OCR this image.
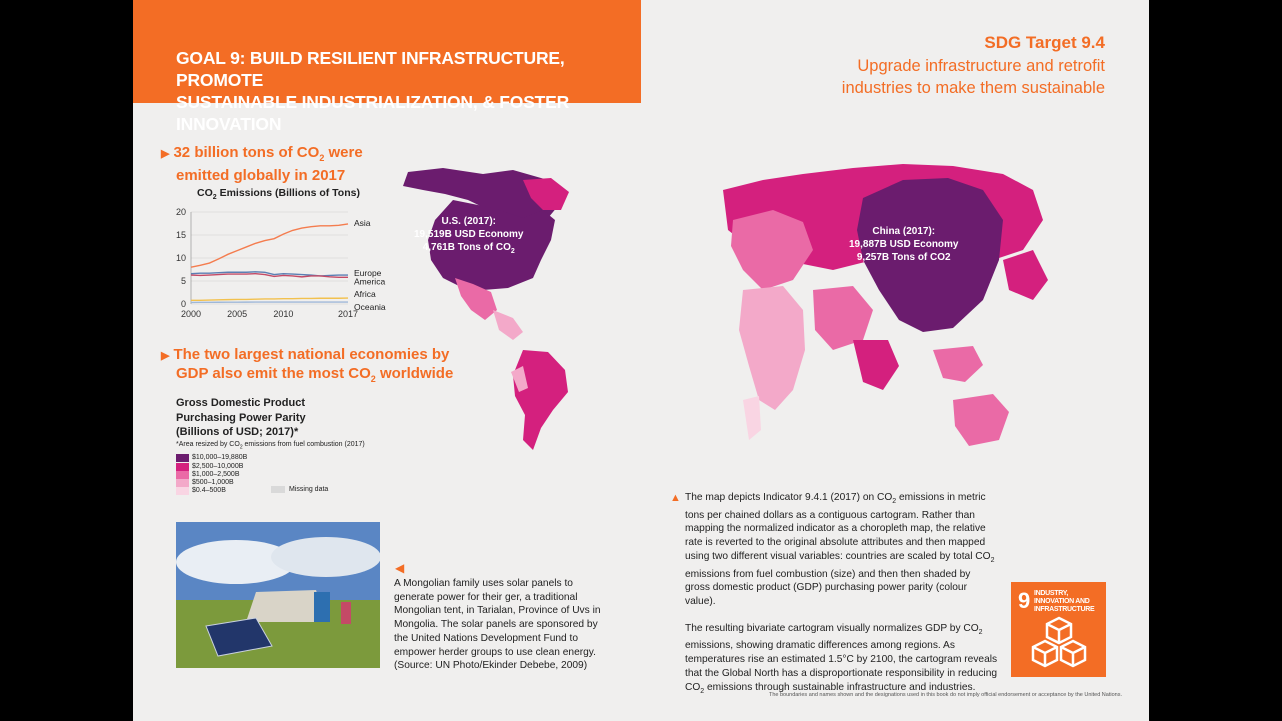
GOAL 9: BUILD RESILIENT INFRASTRUCTURE, PROMOTE
SUSTAINABLE INDUSTRIALIZATION, & FOSTER INNOVATION
SDG Target 9.4
Upgrade infrastructure and retrofit
industries to make them sustainable
▶ 32 billion tons of $CO_2$ were
emitted globally in 2017
$CO_2$ Emissions (Billions of Tons)
0
5
10
15
20
2000	2005	2010	2017
Asia
Europe
America
Africa
Oceania
▶ The two largest national economies by
GDP also emit the most $CO_2$ worldwide
Gross Domestic Product
Purchasing Power Parity
(Billions of USD; 2017)*
*Area resized by $CO_2$ emissions from fuel combustion (2017)
$10,000–19,880B
$2,500–10,000B
$1,000–2,500B
$500–1,000B
$0.4–500B	Missing data
U.S. (2017):
19,519B USD Economy
4,761B Tons of $CO_2$
China (2017):
19,887B USD Economy
9,257B Tons of CO2
◀
A Mongolian family uses solar panels to generate power for their ger, a traditional Mongolian tent, in Tarialan, Province of Uvs in Mongolia. The solar panels are sponsored by the United Nations Development Fund to empower herder groups to use clean energy. (Source: UN Photo/Ekinder Debebe, 2009)
▲ The map depicts Indicator 9.4.1 (2017) on $CO_2$ emissions in metric tons per chained dollars as a contiguous cartogram. Rather than mapping the normalized indicator as a choropleth map, the relative rate is reverted to the original absolute attributes and then mapped using two different visual variables: countries are scaled by total $CO_2$ emissions from fuel combustion (size) and then then shaded by gross domestic product (GDP) purchasing power parity (colour value).

The resulting bivariate cartogram visually normalizes GDP by $CO_2$ emissions, showing dramatic differences among regions. As temperatures rise an estimated 1.5°C by 2100, the cartogram reveals that the Global North has a disproportionate responsibility in reducing $CO_2$ emissions through sustainable infrastructure and industries.

9 INDUSTRY, INNOVATION AND INFRASTRUCTURE
The boundaries and names shown and the designations used in this book do not imply official endorsement or acceptance by the United Nations.
